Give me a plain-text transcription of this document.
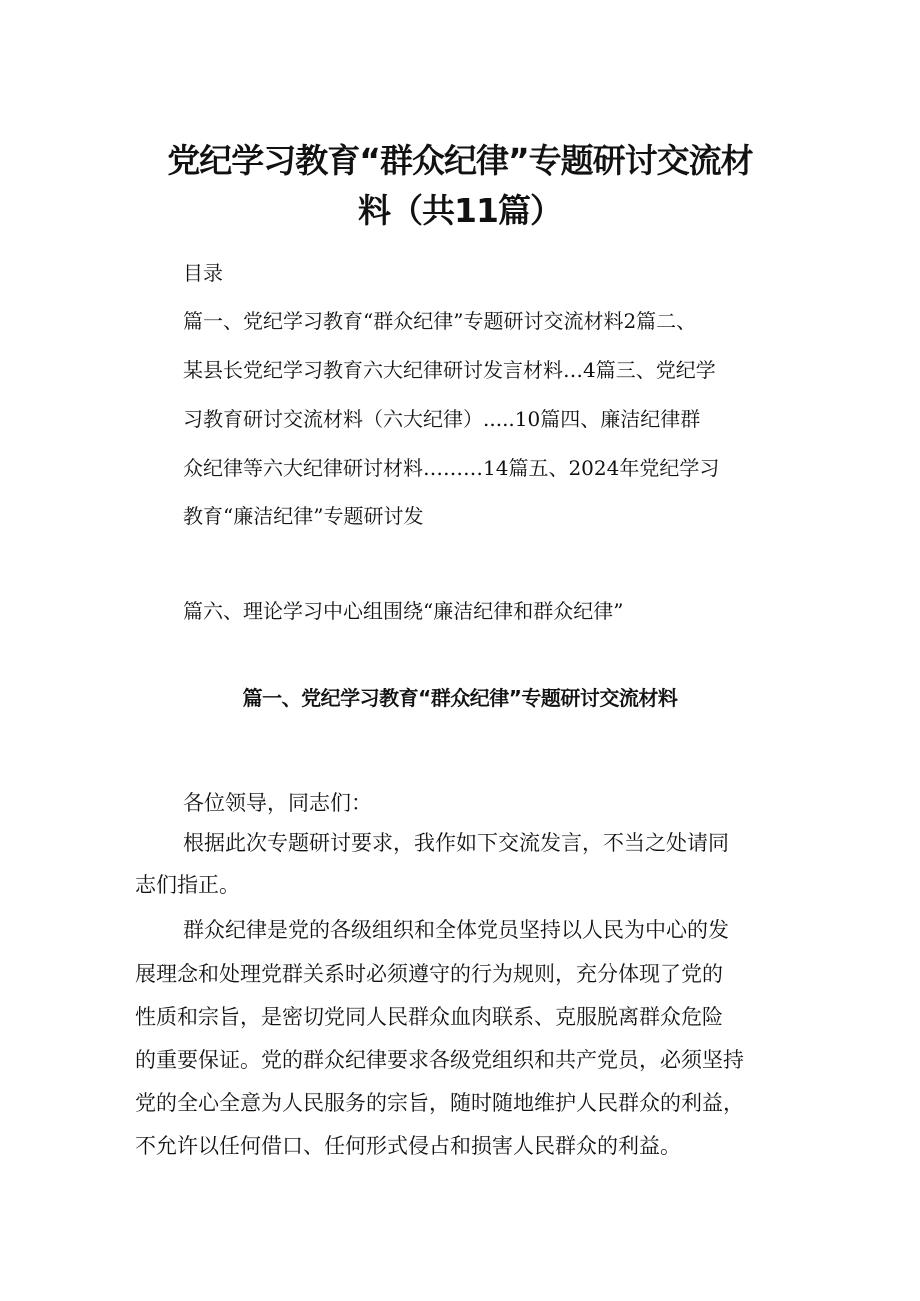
党纪学习教育“群众纪律”专题研讨交流材
料（共11篇）
目录
篇一、党纪学习教育“群众纪律”专题研讨交流材料2篇二、
某县长党纪学习教育六大纪律研讨发言材料…4篇三、党纪学
习教育研讨交流材料（六大纪律）.....10篇四、廉洁纪律群
众纪律等六大纪律研讨材料………14篇五、2024年党纪学习
教育“廉洁纪律”专题研讨发
篇六、理论学习中心组围绕“廉洁纪律和群众纪律”
篇一、党纪学习教育“群众纪律”专题研讨交流材料
各位领导，同志们：
根据此次专题研讨要求，我作如下交流发言，不当之处请同
志们指正。
群众纪律是党的各级组织和全体党员坚持以人民为中心的发
展理念和处理党群关系时必须遵守的行为规则，充分体现了党的
性质和宗旨，是密切党同人民群众血肉联系、克服脱离群众危险
的重要保证。党的群众纪律要求各级党组织和共产党员，必须坚持
党的全心全意为人民服务的宗旨，随时随地维护人民群众的利益，
不允许以任何借口、任何形式侵占和损害人民群众的利益。
